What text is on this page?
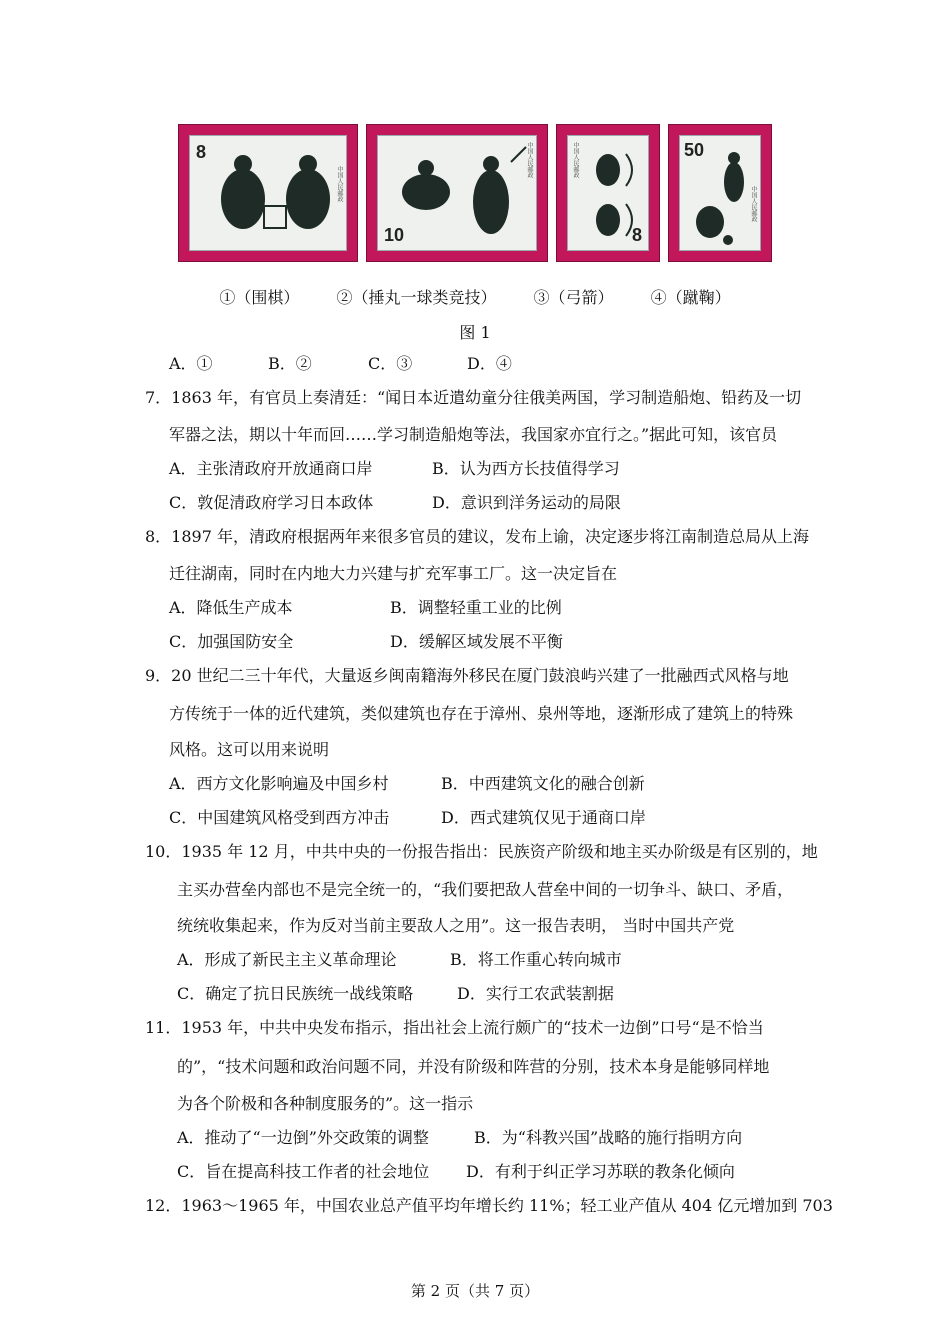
8
中国人民邮政
10
中国人民邮政
8
中国人民邮政	50
中国人民邮政
①（围棋） ②（捶丸一球类竞技） ③（弓箭） ④（蹴鞠）
图 1
A．①	B．②	C．③	D．④
7．1863 年，有官员上奏清廷：“闻日本近遣幼童分往俄美两国，学习制造船炮、铅药及一切
军器之法，期以十年而回……学习制造船炮等法，我国家亦宜行之。”据此可知，该官员
A．主张清政府开放通商口岸	B．认为西方长技值得学习
C．敦促清政府学习日本政体	D．意识到洋务运动的局限
8．1897 年，清政府根据两年来很多官员的建议，发布上谕，决定逐步将江南制造总局从上海
迁往湖南，同时在内地大力兴建与扩充军事工厂。这一决定旨在
A．降低生产成本	B．调整轻重工业的比例
C．加强国防安全	D．缓解区域发展不平衡
9．20 世纪二三十年代，大量返乡闽南籍海外移民在厦门鼓浪屿兴建了一批融西式风格与地
方传统于一体的近代建筑，类似建筑也存在于漳州、泉州等地，逐渐形成了建筑上的特殊
风格。这可以用来说明
A．西方文化影响遍及中国乡村	B．中西建筑文化的融合创新
C．中国建筑风格受到西方冲击	D．西式建筑仅见于通商口岸
10．1935 年 12 月，中共中央的一份报告指出：民族资产阶级和地主买办阶级是有区别的，地
主买办营垒内部也不是完全统一的，“我们要把敌人营垒中间的一切争斗、缺口、矛盾，
统统收集起来，作为反对当前主要敌人之用”。这一报告表明， 当时中国共产党
A．形成了新民主主义革命理论	B．将工作重心转向城市
C．确定了抗日民族统一战线策略	D．实行工农武装割据
11．1953 年，中共中央发布指示，指出社会上流行颇广的“技术一边倒”口号“是不恰当
的”，“技术问题和政治问题不同，并没有阶级和阵营的分别，技术本身是能够同样地
为各个阶极和各种制度服务的”。这一指示
A．推动了“一边倒”外交政策的调整	B．为“科教兴国”战略的施行指明方向
C．旨在提高科技工作者的社会地位 D．有利于纠正学习苏联的教条化倾向
12．1963～1965 年，中国农业总产值平均年增长约 11%；轻工业产值从 404 亿元增加到 703
第 2 页（共 7 页）
